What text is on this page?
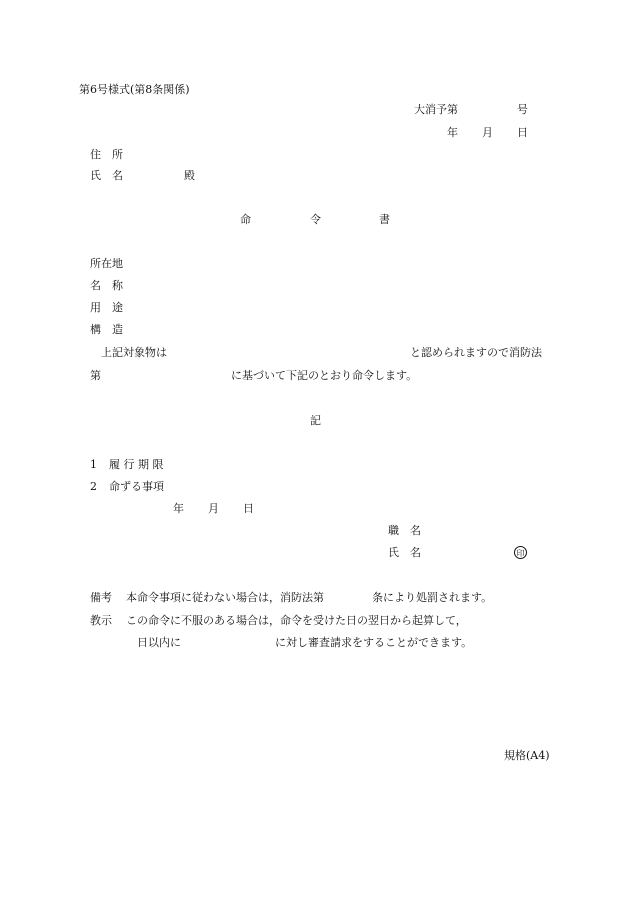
第6号様式(第8条関係)
大消予第	号
年 月 日
住　所
氏　名	殿
命	令	書
所在地
名　称
用　途
構　造
上記対象物は	と認められますので消防法
第	に基づいて下記のとおり命令します。
記
1 履 行 期 限
2 命ずる事項
年 月 日
職　名
氏　名	印
備考 本命令事項に従わない場合は，消防法第	条により処罰されます。
教示 この命令に不服のある場合は，命令を受けた日の翌日から起算して，
日以内に	に対し審査請求をすることができます。
規格(A4)
